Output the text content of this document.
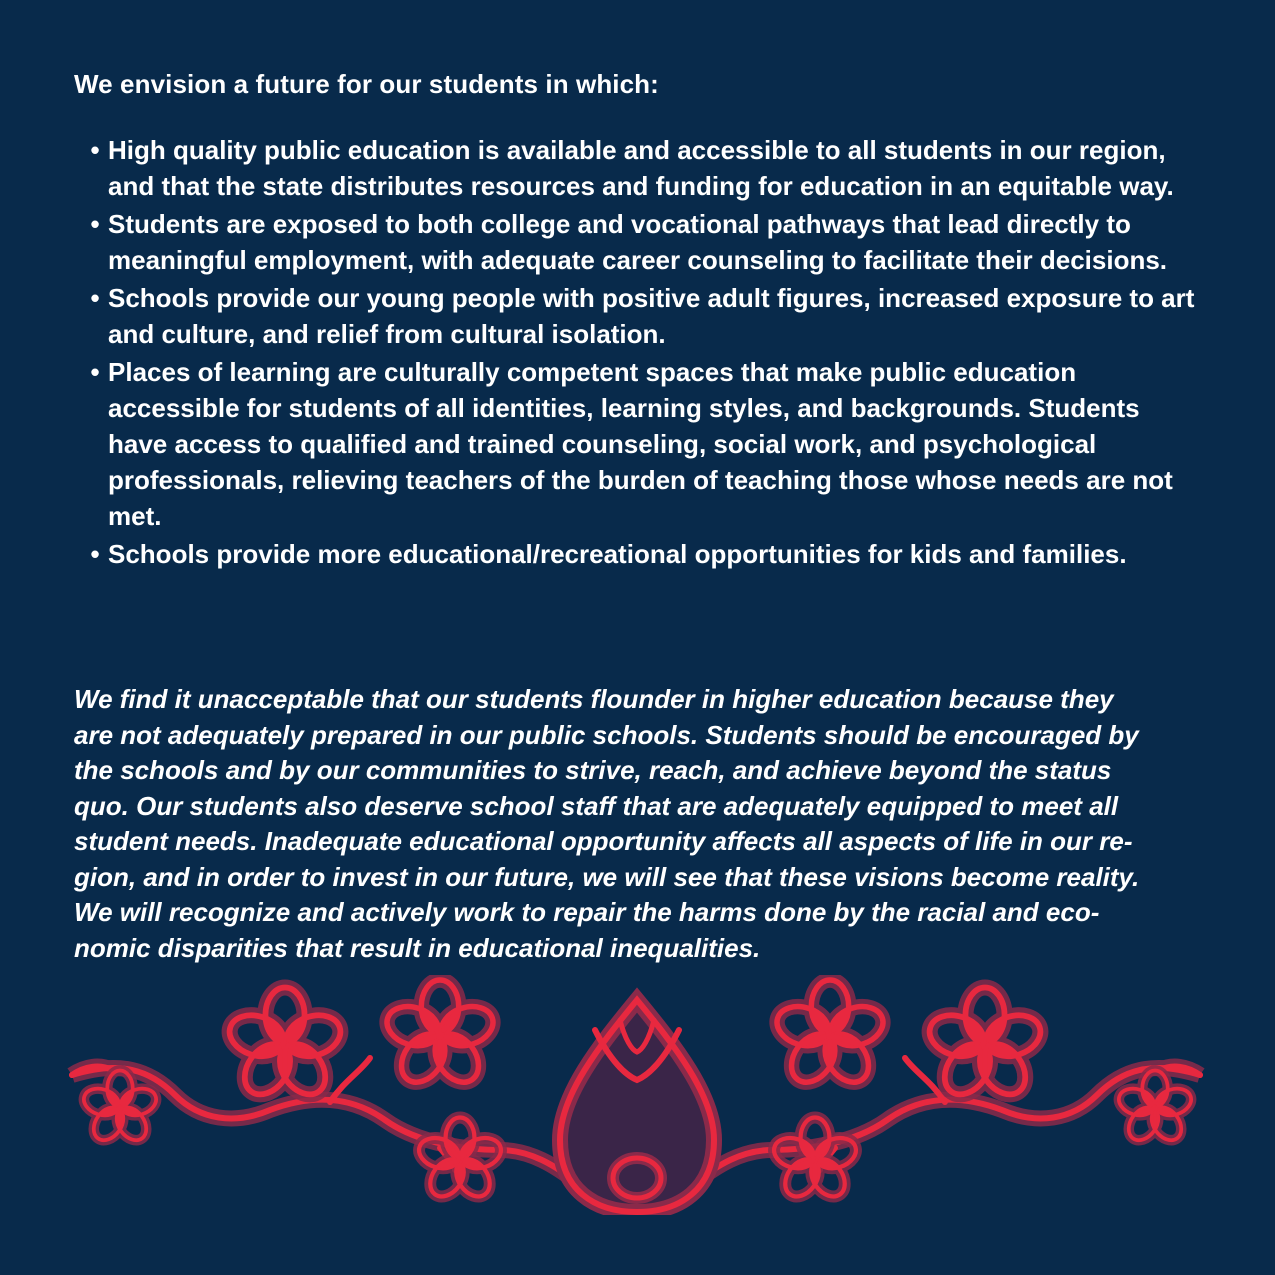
We envision a future for our students in which:

• High quality public education is available and accessible to all students in our region, and that the state distributes resources and funding for education in an equitable way.
• Students are exposed to both college and vocational pathways that lead directly to meaningful employment, with adequate career counseling to facilitate their decisions.
• Schools provide our young people with positive adult figures, increased exposure to art and culture, and relief from cultural isolation.
• Places of learning are culturally competent spaces that make public education accessible for students of all identities, learning styles, and backgrounds. Students have access to qualified and trained counseling, social work, and psychological professionals, relieving teachers of the burden of teaching those whose needs are not met.
• Schools provide more educational/recreational opportunities for kids and families.

We find it unacceptable that our students flounder in higher education because they
are not adequately prepared in our public schools. Students should be encouraged by
the schools and by our communities to strive, reach, and achieve beyond the status
quo. Our students also deserve school staff that are adequately equipped to meet all
student needs. Inadequate educational opportunity affects all aspects of life in our re-
gion, and in order to invest in our future, we will see that these visions become reality.
We will recognize and actively work to repair the harms done by the racial and eco-
nomic disparities that result in educational inequalities.
